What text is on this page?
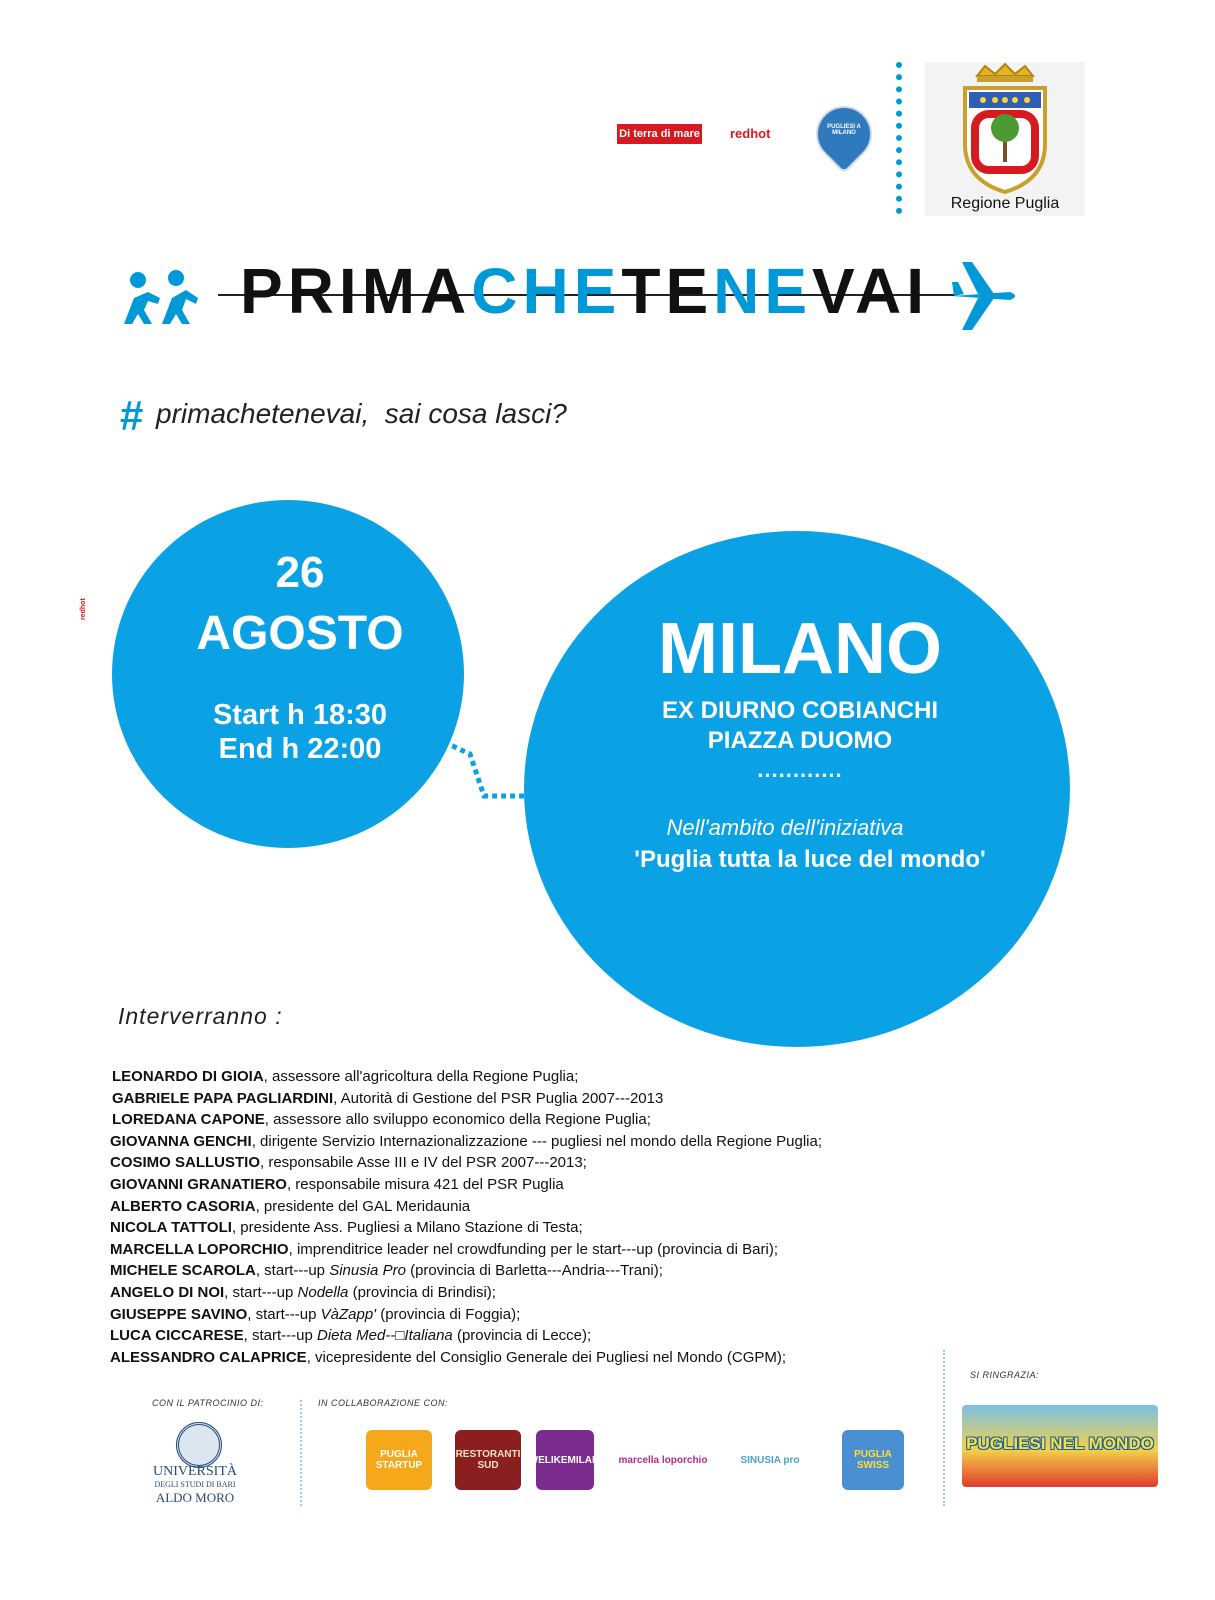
Di terra di mare redhot	PUGLIESI A MILANO
Regione Puglia
PRIMACHETENEVAI
# primachetenevai,  sai cosa lasci?
redhot
26
AGOSTO
Start h 18:30
End h 22:00
MILANO
EX DIURNO COBIANCHI
PIAZZA DUOMO
............
Nell'ambito dell'iniziativa
'Puglia tutta la luce del mondo'
Interverranno :
LEONARDO DI GIOIA, assessore all'agricoltura della Regione Puglia;
GABRIELE PAPA PAGLIARDINI, Autorità di Gestione del PSR Puglia 2007---2013
LOREDANA CAPONE, assessore allo sviluppo economico della Regione Puglia;
GIOVANNA GENCHI, dirigente Servizio Internazionalizzazione --- pugliesi nel mondo della Regione Puglia;
COSIMO SALLUSTIO, responsabile Asse III e IV del PSR 2007---2013;
GIOVANNI GRANATIERO, responsabile misura 421 del PSR Puglia
ALBERTO CASORIA, presidente del GAL Meridaunia
NICOLA TATTOLI, presidente Ass. Pugliesi a Milano Stazione di Testa;
MARCELLA LOPORCHIO, imprenditrice leader nel crowdfunding per le start---up (provincia di Bari);
MICHELE SCAROLA, start---up Sinusia Pro (provincia di Barletta---Andria---Trani);
ANGELO DI NOI, start---up Nodella (provincia di Brindisi);
GIUSEPPE SAVINO, start---up VàZapp' (provincia di Foggia);
LUCA CICCARESE, start---up Dieta Med--□Italiana (provincia di Lecce);
ALESSANDRO CALAPRICE, vicepresidente del Consiglio Generale dei Pugliesi nel Mondo (CGPM);
CON IL PATROCINIO DI:
UNIVERSITÀ
DEGLI STUDI DI BARI
ALDO MORO
IN COLLABORAZIONE CON:
PUGLIA STARTUP
RESTORANTI SUD	#WELIKEMILANO	marcella loporchio	SINUSIA pro	PUGLIA SWISS
SI RINGRAZIA:
PUGLIESI NEL MONDO
